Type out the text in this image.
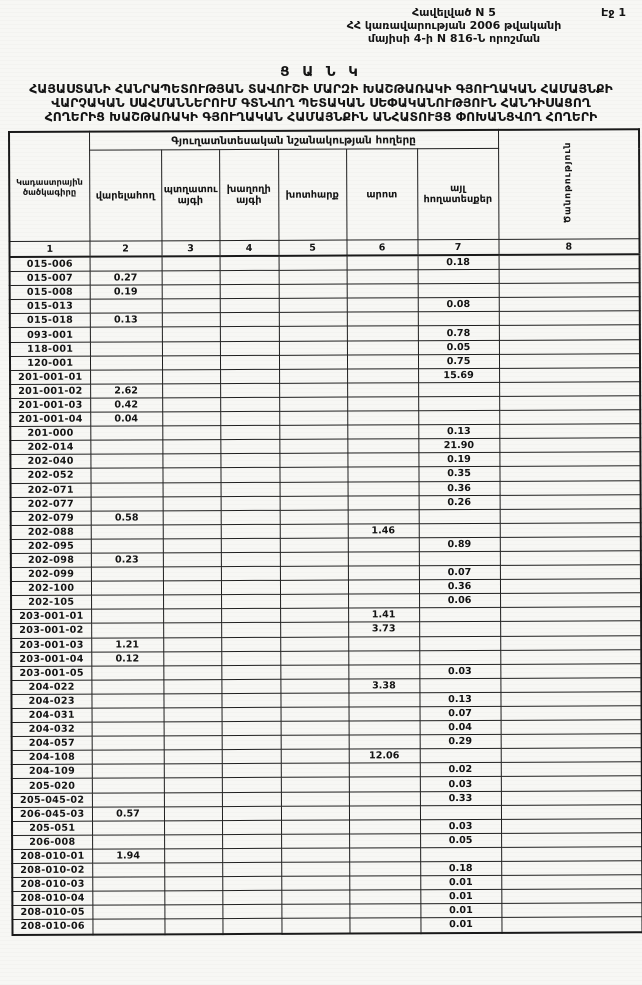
Հավելված N 5
ՀՀ կառավարության 2006 թվականի
մայիսի 4-ի N 816-Ն որոշման
Էջ 1
Ց Ա Ն Կ
ՀԱՅԱՍՏԱՆԻ ՀԱՆՐԱՊԵՏՈՒԹՅԱՆ ՏԱՎՈՒՇԻ ՄԱՐԶԻ ԽԱՇԹԱՌԱԿԻ ԳՅՈՒՂԱԿԱՆ ՀԱՄԱՅՆՔԻ
ՎԱՐՉԱԿԱՆ ՍԱՀՄԱՆՆԵՐՈՒՄ ԳՏՆՎՈՂ ՊԵՏԱԿԱՆ ՍԵՓԱԿԱՆՈՒԹՅՈՒՆ ՀԱՆԴԻՍԱՑՈՂ
ՀՈՂԵՐԻՑ ԽԱՇԹԱՌԱԿԻ ԳՅՈՒՂԱԿԱՆ ՀԱՄԱՅՆՔԻՆ ԱՆՀԱՏՈՒՅՑ ՓՈԽԱՆՑՎՈՂ ՀՈՂԵՐԻ
Կադաստրային ծածկագիրը	Գյուղատնտեսական նշանակության հողերը						Ծանոթություն
	վարելահող	պտղատու այգի	խաղողի այգի	խոտհարք	արոտ	այլ հողատեսքեր	
1	2	3	4	5	6	7	8
015-006						0.18	
015-007	0.27						
015-008	0.19						
015-013						0.08	
015-018	0.13						
093-001						0.78	
118-001						0.05	
120-001						0.75	
201-001-01						15.69	
201-001-02	2.62						
201-001-03	0.42						
201-001-04	0.04						
201-000						0.13	
202-014						21.90	
202-040						0.19	
202-052						0.35	
202-071						0.36	
202-077						0.26	
202-079	0.58						
202-088					1.46		
202-095						0.89	
202-098	0.23						
202-099						0.07	
202-100						0.36	
202-105						0.06	
203-001-01					1.41		
203-001-02					3.73		
203-001-03	1.21						
203-001-04	0.12						
203-001-05						0.03	
204-022					3.38		
204-023						0.13	
204-031						0.07	
204-032						0.04	
204-057						0.29	
204-108					12.06		
204-109						0.02	
205-020						0.03	
205-045-02						0.33	
206-045-03	0.57						
205-051						0.03	
206-008						0.05	
208-010-01	1.94						
208-010-02						0.18	
208-010-03						0.01	
208-010-04						0.01	
208-010-05						0.01	
208-010-06						0.01	
